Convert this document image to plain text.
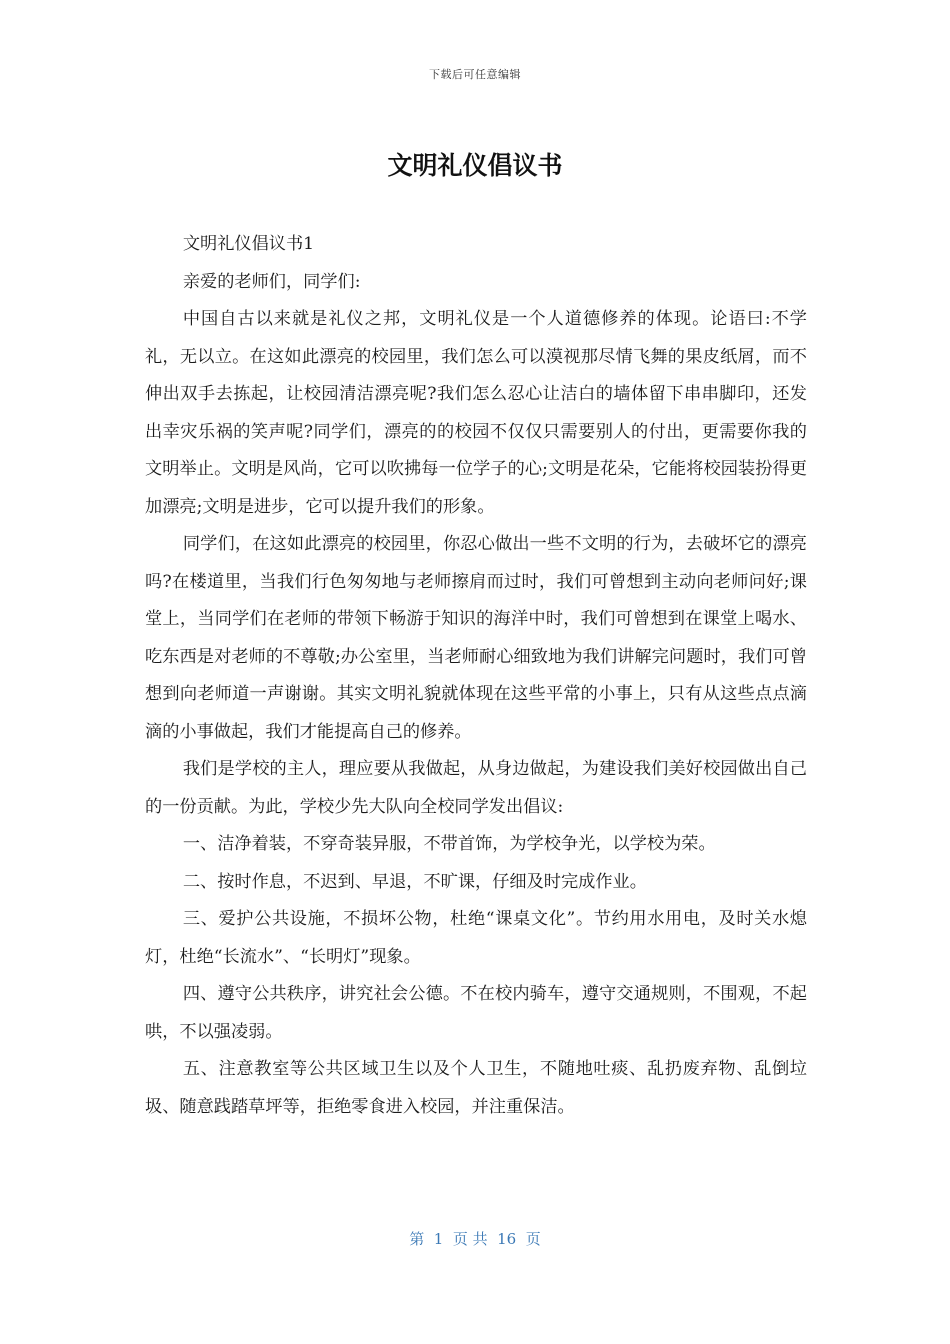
下载后可任意编辑
文明礼仪倡议书

文明礼仪倡议书1

亲爱的老师们，同学们:

中国自古以来就是礼仪之邦，文明礼仪是一个人道德修养的体现。论语曰:不学礼，无以立。在这如此漂亮的校园里，我们怎么可以漠视那尽情飞舞的果皮纸屑，而不伸出双手去拣起，让校园清洁漂亮呢?我们怎么忍心让洁白的墙体留下串串脚印，还发出幸灾乐祸的笑声呢?同学们，漂亮的的校园不仅仅只需要别人的付出，更需要你我的文明举止。文明是风尚，它可以吹拂每一位学子的心;文明是花朵，它能将校园装扮得更加漂亮;文明是进步，它可以提升我们的形象。

同学们，在这如此漂亮的校园里，你忍心做出一些不文明的行为，去破坏它的漂亮吗?在楼道里，当我们行色匆匆地与老师擦肩而过时，我们可曾想到主动向老师问好;课堂上，当同学们在老师的带领下畅游于知识的海洋中时，我们可曾想到在课堂上喝水、吃东西是对老师的不尊敬;办公室里，当老师耐心细致地为我们讲解完问题时，我们可曾想到向老师道一声谢谢。其实文明礼貌就体现在这些平常的小事上，只有从这些点点滴滴的小事做起，我们才能提高自己的修养。

我们是学校的主人，理应要从我做起，从身边做起，为建设我们美好校园做出自己的一份贡献。为此，学校少先大队向全校同学发出倡议:

一、洁净着装，不穿奇装异服，不带首饰，为学校争光，以学校为荣。

二、按时作息，不迟到、早退，不旷课，仔细及时完成作业。

三、爱护公共设施，不损坏公物，杜绝“课桌文化”。节约用水用电，及时关水熄灯，杜绝“长流水”、“长明灯”现象。

四、遵守公共秩序，讲究社会公德。不在校内骑车，遵守交通规则，不围观，不起哄，不以强凌弱。

五、注意教室等公共区域卫生以及个人卫生，不随地吐痰、乱扔废弃物、乱倒垃圾、随意践踏草坪等，拒绝零食进入校园，并注重保洁。

第  1  页 共  16  页
